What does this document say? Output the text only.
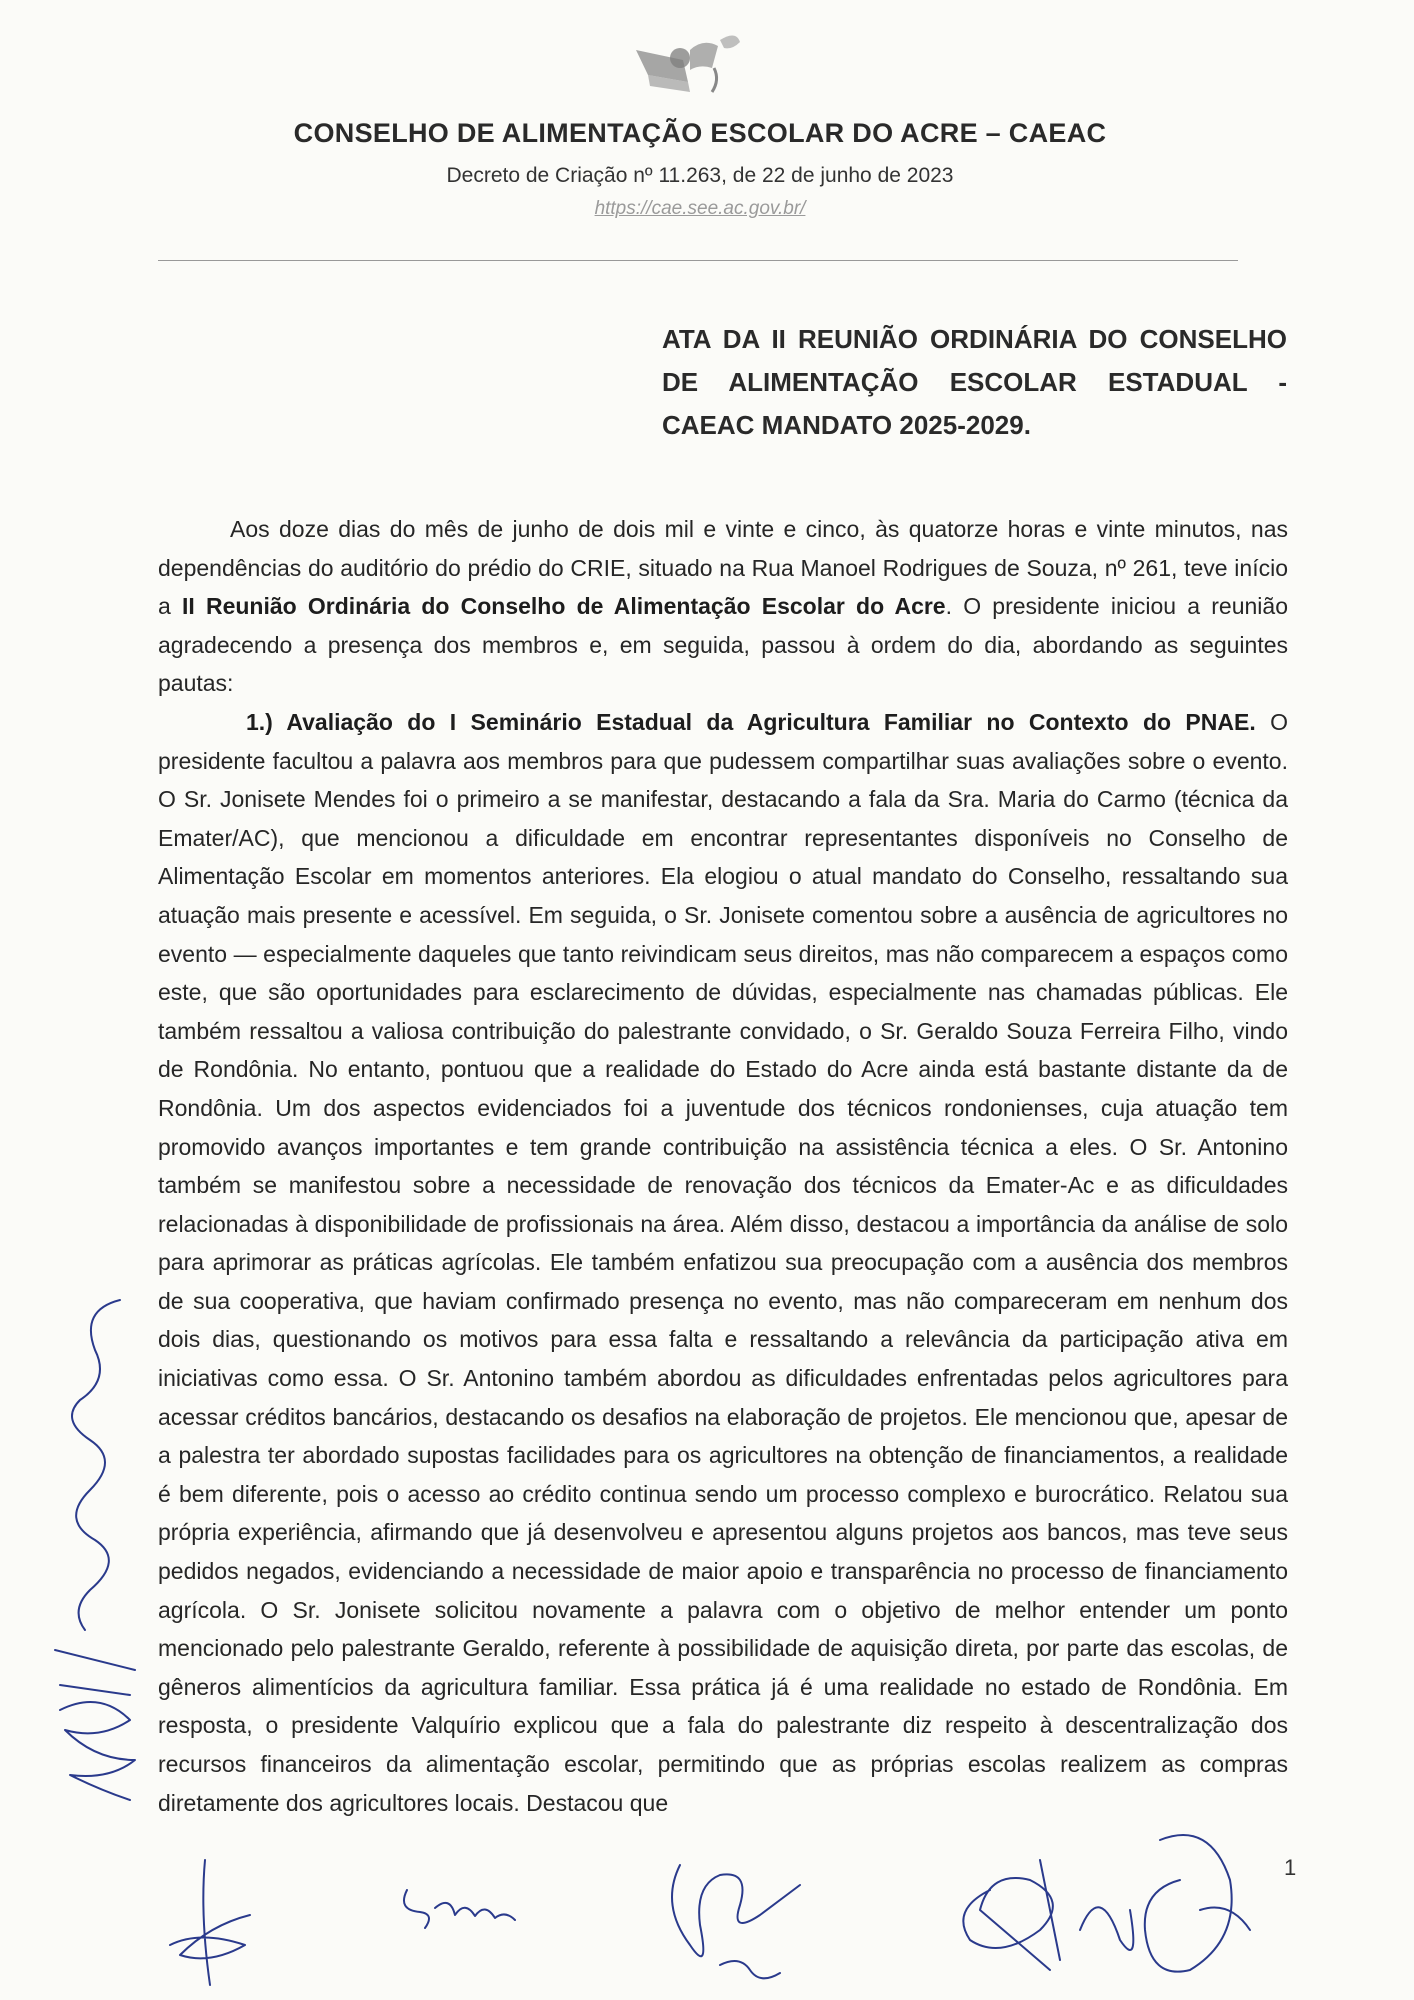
CONSELHO DE ALIMENTAÇÃO ESCOLAR DO ACRE – CAEAC
Decreto de Criação nº 11.263, de 22 de junho de 2023
https://cae.see.ac.gov.br/
ATA DA II REUNIÃO ORDINÁRIA DO CONSELHO DE ALIMENTAÇÃO ESCOLAR ESTADUAL - CAEAC MANDATO 2025-2029.

Aos doze dias do mês de junho de dois mil e vinte e cinco, às quatorze horas e vinte minutos, nas dependências do auditório do prédio do CRIE, situado na Rua Manoel Rodrigues de Souza, nº 261, teve início a II Reunião Ordinária do Conselho de Alimentação Escolar do Acre. O presidente iniciou a reunião agradecendo a presença dos membros e, em seguida, passou à ordem do dia, abordando as seguintes pautas:

1.) Avaliação do I Seminário Estadual da Agricultura Familiar no Contexto do PNAE. O presidente facultou a palavra aos membros para que pudessem compartilhar suas avaliações sobre o evento. O Sr. Jonisete Mendes foi o primeiro a se manifestar, destacando a fala da Sra. Maria do Carmo (técnica da Emater/AC), que mencionou a dificuldade em encontrar representantes disponíveis no Conselho de Alimentação Escolar em momentos anteriores. Ela elogiou o atual mandato do Conselho, ressaltando sua atuação mais presente e acessível. Em seguida, o Sr. Jonisete comentou sobre a ausência de agricultores no evento — especialmente daqueles que tanto reivindicam seus direitos, mas não comparecem a espaços como este, que são oportunidades para esclarecimento de dúvidas, especialmente nas chamadas públicas. Ele também ressaltou a valiosa contribuição do palestrante convidado, o Sr. Geraldo Souza Ferreira Filho, vindo de Rondônia. No entanto, pontuou que a realidade do Estado do Acre ainda está bastante distante da de Rondônia. Um dos aspectos evidenciados foi a juventude dos técnicos rondonienses, cuja atuação tem promovido avanços importantes e tem grande contribuição na assistência técnica a eles. O Sr. Antonino também se manifestou sobre a necessidade de renovação dos técnicos da Emater-Ac e as dificuldades relacionadas à disponibilidade de profissionais na área. Além disso, destacou a importância da análise de solo para aprimorar as práticas agrícolas. Ele também enfatizou sua preocupação com a ausência dos membros de sua cooperativa, que haviam confirmado presença no evento, mas não compareceram em nenhum dos dois dias, questionando os motivos para essa falta e ressaltando a relevância da participação ativa em iniciativas como essa. O Sr. Antonino também abordou as dificuldades enfrentadas pelos agricultores para acessar créditos bancários, destacando os desafios na elaboração de projetos. Ele mencionou que, apesar de a palestra ter abordado supostas facilidades para os agricultores na obtenção de financiamentos, a realidade é bem diferente, pois o acesso ao crédito continua sendo um processo complexo e burocrático. Relatou sua própria experiência, afirmando que já desenvolveu e apresentou alguns projetos aos bancos, mas teve seus pedidos negados, evidenciando a necessidade de maior apoio e transparência no processo de financiamento agrícola. O Sr. Jonisete solicitou novamente a palavra com o objetivo de melhor entender um ponto mencionado pelo palestrante Geraldo, referente à possibilidade de aquisição direta, por parte das escolas, de gêneros alimentícios da agricultura familiar. Essa prática já é uma realidade no estado de Rondônia. Em resposta, o presidente Valquírio explicou que a fala do palestrante diz respeito à descentralização dos recursos financeiros da alimentação escolar, permitindo que as próprias escolas realizem as compras diretamente dos agricultores locais. Destacou que

1
